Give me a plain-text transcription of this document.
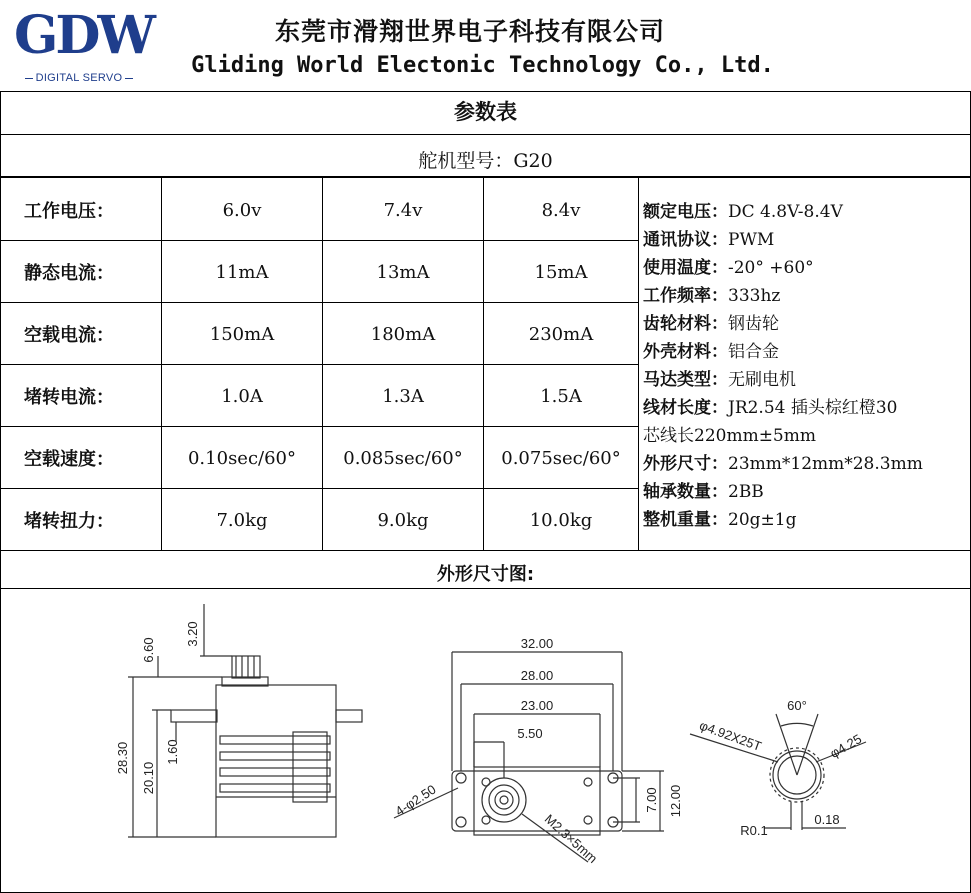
GDW
DIGITAL SERVO
东莞市滑翔世界电子科技有限公司
Gliding World Electonic Technology Co., Ltd.
参数表
舵机型号：G20
工作电压：	6.0v	7.4v	8.4v
静态电流：	11mA	13mA	15mA
空载电流：	150mA	180mA	230mA
堵转电流：	1.0A	1.3A	1.5A
空载速度：	0.10sec/60°	0.085sec/60°	0.075sec/60°
堵转扭力：	7.0kg	9.0kg	10.0kg
额定电压：DC 4.8V-8.4V
通讯协议：PWM
使用温度：-20° +60°
工作频率：333hz
齿轮材料：钢齿轮
外壳材料：铝合金
马达类型：无刷电机
线材长度：JR2.54 插头棕红橙30
芯线长220mm±5mm
外形尺寸：23mm*12mm*28.3mm
轴承数量：2BB
整机重量：20g±1g
外形尺寸图:
3.20
6.60
28.30
20.10
1.60
32.00
28.00
23.00
5.50
7.00 12.00
4-φ2.50
M2.3×5mm
60°
φ4.92X25T	φ4.25
R0.1
0.18
